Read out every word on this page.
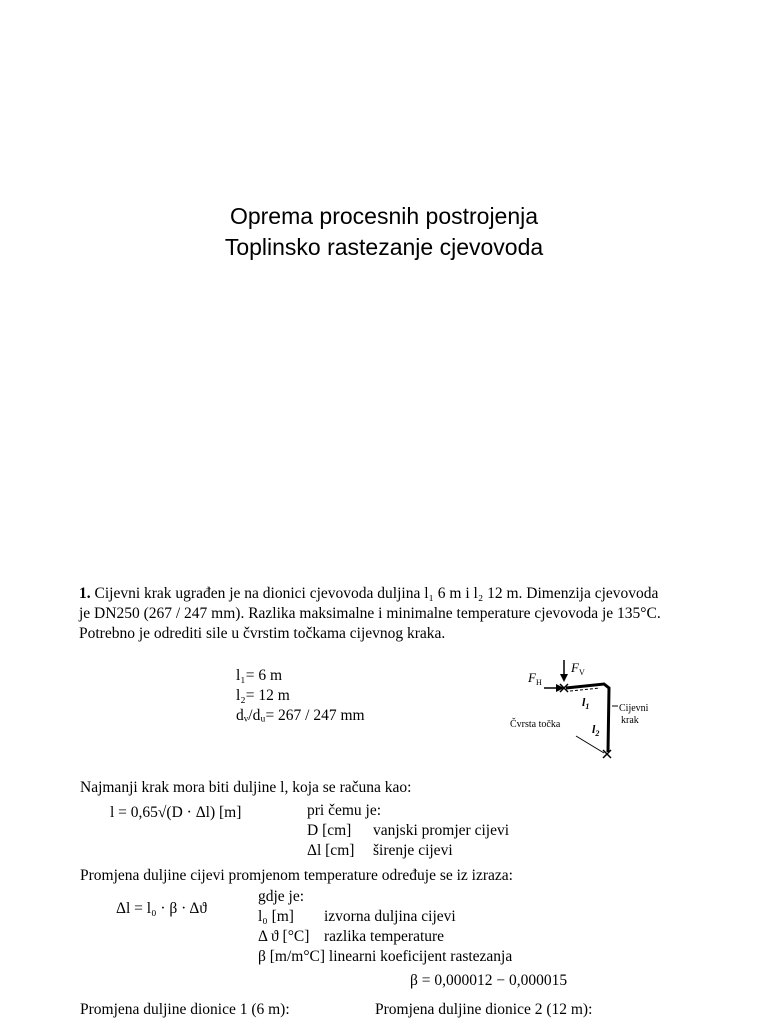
Oprema procesnih postrojenja
Toplinsko rastezanje cjevovoda
1. Cijevni krak ugrađen je na dionici cjevovoda duljina l₁ 6 m i l₂ 12 m. Dimenzija cjevovoda
je DN250 (267 / 247 mm). Razlika maksimalne i minimalne temperature cjevovoda je 135°C.
Potrebno je odrediti sile u čvrstim točkama cijevnog kraka.
l₁= 6 m
l₂= 12 m
dᵥ/dᵤ= 267 / 247 mm
$F_H$
$F_V$
$l_1$
$l_2$
Čvrsta točka
Cijevni
krak
Najmanji krak mora biti duljine l, koja se računa kao:
l = 0,65√(D · Δl) [m]	pri čemu je:
D [cm] vanjski promjer cijevi
Δl [cm] širenje cijevi
Promjena duljine cijevi promjenom temperature određuje se iz izraza:
Δl = l₀ · β · Δϑ
gdje je:
l₀ [m] izvorna duljina cijevi
Δ ϑ [°C] razlika temperature
β [m/m°C] linearni koeficijent rastezanja
β = 0,000012 − 0,000015
Promjena duljine dionice 1 (6 m):	Promjena duljine dionice 2 (12 m):
